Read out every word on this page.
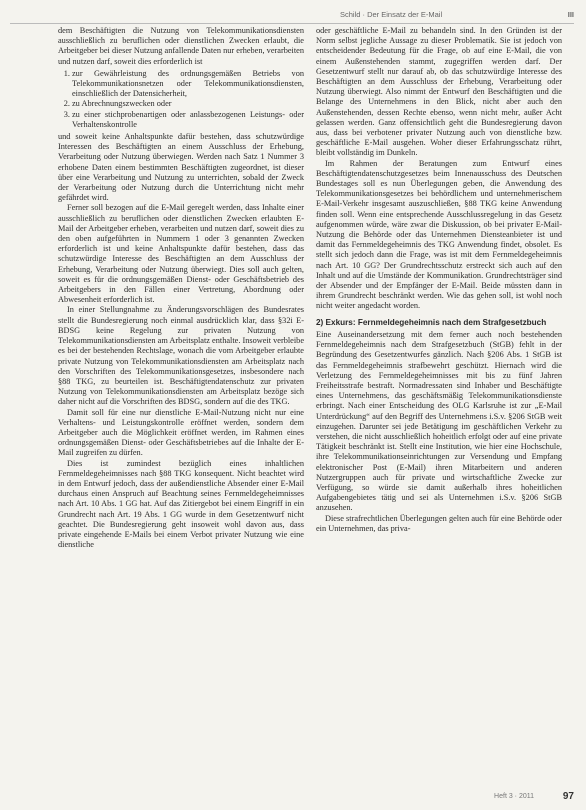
Schild · Der Einsatz der E-Mail	III

dem Beschäftigten die Nutzung von Telekommunikationsdiensten ausschließlich zu beruflichen oder dienstlichen Zwecken erlaubt, die Arbeitgeber bei dieser Nutzung anfallende Daten nur erheben, verarbeiten und nutzen darf, soweit dies erforderlich ist

1. zur Gewährleistung des ordnungsgemäßen Betriebs von Telekommunikationsnetzen oder Telekommunikationsdiensten, einschließlich der Datensicherheit,
2. zu Abrechnungszwecken oder
3. zu einer stichprobenartigen oder anlassbezogenen Leistungs- oder Verhaltenskontrolle

und soweit keine Anhaltspunkte dafür bestehen, dass schutzwürdige Interessen des Beschäftigten an einem Ausschluss der Erhebung, Verarbeitung oder Nutzung überwiegen. Werden nach Satz 1 Nummer 3 erhobene Daten einem bestimmten Beschäftigten zugeordnet, ist dieser über eine Verarbeitung und Nutzung zu unterrichten, sobald der Zweck der Verarbeitung oder Nutzung durch die Unterrichtung nicht mehr gefährdet wird.

Ferner soll bezogen auf die E-Mail geregelt werden, dass Inhalte einer ausschließlich zu beruflichen oder dienstlichen Zwecken erlaubten E-Mail der Arbeitgeber erheben, verarbeiten und nutzen darf, soweit dies zu den oben aufgeführten in Nummern 1 oder 3 genannten Zwecken erforderlich ist und keine Anhaltspunkte dafür bestehen, dass das schutzwürdige Interesse des Beschäftigten an dem Ausschluss der Erhebung, Verarbeitung oder Nutzung überwiegt. Dies soll auch gelten, soweit es für die ordnungsgemäßen Dienst- oder Geschäftsbetrieb des Arbeitgebers in den Fällen einer Vertretung, Abordnung oder Abwesenheit erforderlich ist.

In einer Stellungnahme zu Änderungsvorschlägen des Bundesrates stellt die Bundesregierung noch einmal ausdrücklich klar, dass §32i E-BDSG keine Regelung zur privaten Nutzung von Telekommunikationsdiensten am Arbeitsplatz enthalte. Insoweit verbleibe es bei der bestehenden Rechtslage, wonach die vom Arbeitgeber erlaubte private Nutzung von Telekommunikationsdiensten am Arbeitsplatz nach den Vorschriften des Telekommunikationsgesetzes, insbesondere nach §88 TKG, zu beurteilen ist. Beschäftigtendatenschutz zur privaten Nutzung von Telekommunikationsdiensten am Arbeitsplatz bezöge sich daher nicht auf die Vorschriften des BDSG, sondern auf die des TKG.

Damit soll für eine nur dienstliche E-Mail-Nutzung nicht nur eine Verhaltens- und Leistungskontrolle eröffnet werden, sondern dem Arbeitgeber auch die Möglichkeit eröffnet werden, im Rahmen eines ordnungsgemäßen Dienst- oder Geschäftsbetriebes auf die Inhalte der E-Mail zugreifen zu dürfen.

Dies ist zumindest bezüglich eines inhaltlichen Fernmeldegeheimnisses nach §88 TKG konsequent. Nicht beachtet wird in dem Entwurf jedoch, dass der außendienstliche Absender einer E-Mail durchaus einen Anspruch auf Beachtung seines Fernmeldegeheimnisses nach Art. 10 Abs. 1 GG hat. Auf das Zitiergebot bei einem Eingriff in ein Grundrecht nach Art. 19 Abs. 1 GG wurde in dem Gesetzentwurf nicht geachtet. Die Bundesregierung geht insoweit wohl davon aus, dass private eingehende E-Mails bei einem Verbot privater Nutzung wie eine dienstliche

oder geschäftliche E-Mail zu behandeln sind. In den Gründen ist der Norm selbst jegliche Aussage zu dieser Problematik. Sie ist jedoch von entscheidender Bedeutung für die Frage, ob auf eine E-Mail, die von einem Außenstehenden stammt, zugegriffen werden darf. Der Gesetzentwurf stellt nur darauf ab, ob das schutzwürdige Interesse des Beschäftigten an dem Ausschluss der Erhebung, Verarbeitung oder Nutzung überwiegt. Also nimmt der Entwurf den Beschäftigten und die Belange des Unternehmens in den Blick, nicht aber auch den Außenstehenden, dessen Rechte ebenso, wenn nicht mehr, außer Acht gelassen werden. Ganz offensichtlich geht die Bundesregierung davon aus, dass bei verbotener privater Nutzung auch von dienstliche bzw. geschäftliche E-Mail ausgehen. Woher dieser Erfahrungsschatz rührt, bleibt vollständig im Dunkeln.

Im Rahmen der Beratungen zum Entwurf eines Beschäftigtendatenschutzgesetzes beim Innenausschuss des Deutschen Bundestages soll es nun Überlegungen geben, die Anwendung des Telekommunikationsgesetzes bei behördlichem und unternehmerischem E-Mail-Verkehr insgesamt auszuschließen, §88 TKG keine Anwendung finden soll. Wenn eine entsprechende Ausschlussregelung in das Gesetz aufgenommen würde, wäre zwar die Diskussion, ob bei privater E-Mail-Nutzung die Behörde oder das Unternehmen Diensteanbieter ist und damit das Fernmeldegeheimnis des TKG Anwendung findet, obsolet. Es stellt sich jedoch dann die Frage, was ist mit dem Fernmeldegeheimnis nach Art. 10 GG? Der Grundrechtsschutz erstreckt sich auch auf den Inhalt und auf die Umstände der Kommunikation. Grundrechtsträger sind der Absender und der Empfänger der E-Mail. Beide müssten dann in ihrem Grundrecht beschränkt werden. Wie das gehen soll, ist wohl noch nicht weiter angedacht worden.

2) Exkurs: Fernmeldegeheimnis nach dem Strafgesetzbuch

Eine Auseinandersetzung mit dem ferner auch noch bestehenden Fernmeldegeheimnis nach dem Strafgesetzbuch (StGB) fehlt in der Begründung des Gesetzentwurfes gänzlich. Nach §206 Abs. 1 StGB ist das Fernmeldegeheimnis strafbewehrt geschützt. Hiernach wird die Verletzung des Fernmeldegeheimnisses mit bis zu fünf Jahren Freiheitsstrafe bestraft. Normadressaten sind Inhaber und Beschäftigte eines Unternehmens, das geschäftsmäßig Telekommunikationsdienste erbringt. Nach einer Entscheidung des OLG Karlsruhe ist zur „E-Mail Unterdrückung“ auf den Begriff des Unternehmens i.S.v. §206 StGB weit einzugehen. Darunter sei jede Betätigung im geschäftlichen Verkehr zu verstehen, die nicht ausschließlich hoheitlich erfolgt oder auf eine private Tätigkeit beschränkt ist. Stellt eine Institution, wie hier eine Hochschule, ihre Telekommunikationseinrichtungen zur Versendung und Empfang elektronischer Post (E-Mail) ihren Mitarbeitern und anderen Nutzergruppen auch für private und wirtschaftliche Zwecke zur Verfügung, so würde sie damit außerhalb ihres hoheitlichen Aufgabengebietes tätig und sei als Unternehmen i.S.v. §206 StGB anzusehen.

Diese strafrechtlichen Überlegungen gelten auch für eine Behörde oder ein Unternehmen, das priva-

Heft 3 · 2011	97
